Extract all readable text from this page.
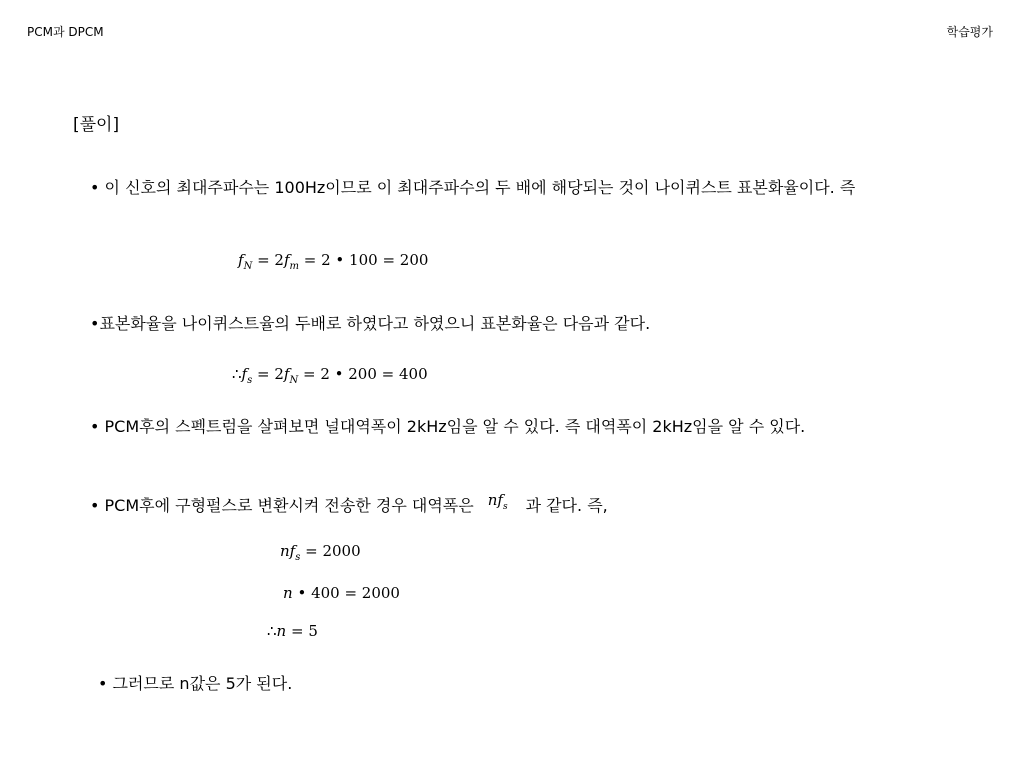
PCM과 DPCM	학습평가
[풀이]
• 이 신호의 최대주파수는 100Hz이므로 이 최대주파수의 두 배에 해당되는 것이 나이퀴스트 표본화율이다. 즉
$f_N = 2f_m = 2$ • 100 = 200
•표본화율을 나이퀴스트율의 두배로 하였다고 하였으니 표본화율은 다음과 같다.
$\therefore f_s = 2f_N = 2$ • 200 = 400
• PCM후의 스펙트럼을 살펴보면 널대역폭이 2kHz임을 알 수 있다. 즉 대역폭이 2kHz임을 알 수 있다.
• PCM후에 구형펄스로 변환시켜 전송한 경우 대역폭은 $nf_s$ 과 같다. 즉,
$nf_s = 2000$
n • 400 = 2000
∴n = 5
• 그러므로 n값은 5가 된다.
